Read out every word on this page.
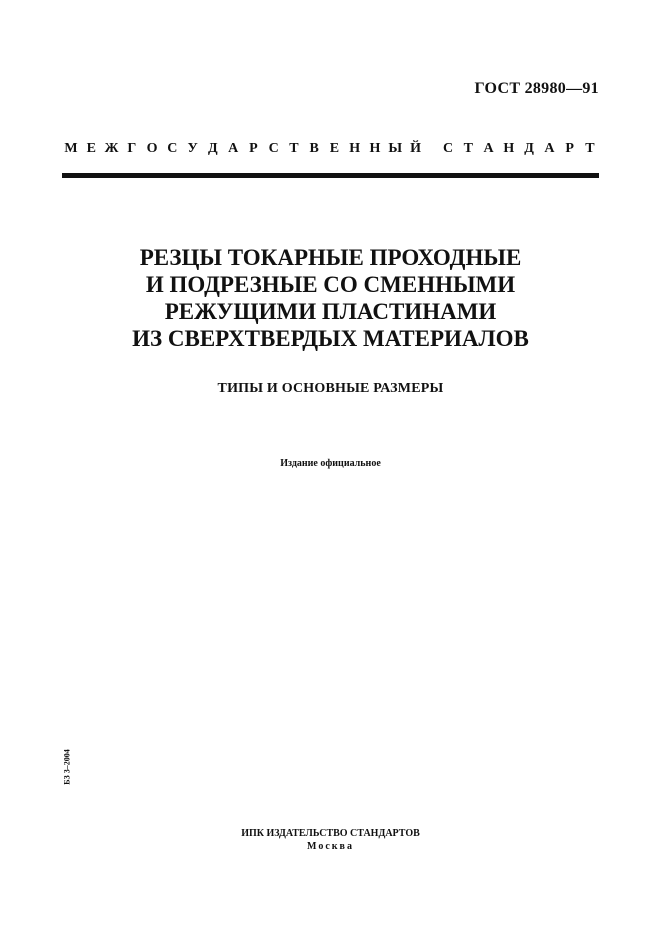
ГОСТ 28980—91
М Е Ж Г О С У Д А Р С Т В Е Н Н Ы Й
С Т А Н Д А Р Т
РЕЗЦЫ ТОКАРНЫЕ ПРОХОДНЫЕ
И ПОДРЕЗНЫЕ СО СМЕННЫМИ
РЕЖУЩИМИ ПЛАСТИНАМИ
ИЗ СВЕРХТВЕРДЫХ МАТЕРИАЛОВ
ТИПЫ И ОСНОВНЫЕ РАЗМЕРЫ
Издание официальное
БЗ 3–2004
ИПК ИЗДАТЕЛЬСТВО СТАНДАРТОВ
Москва
